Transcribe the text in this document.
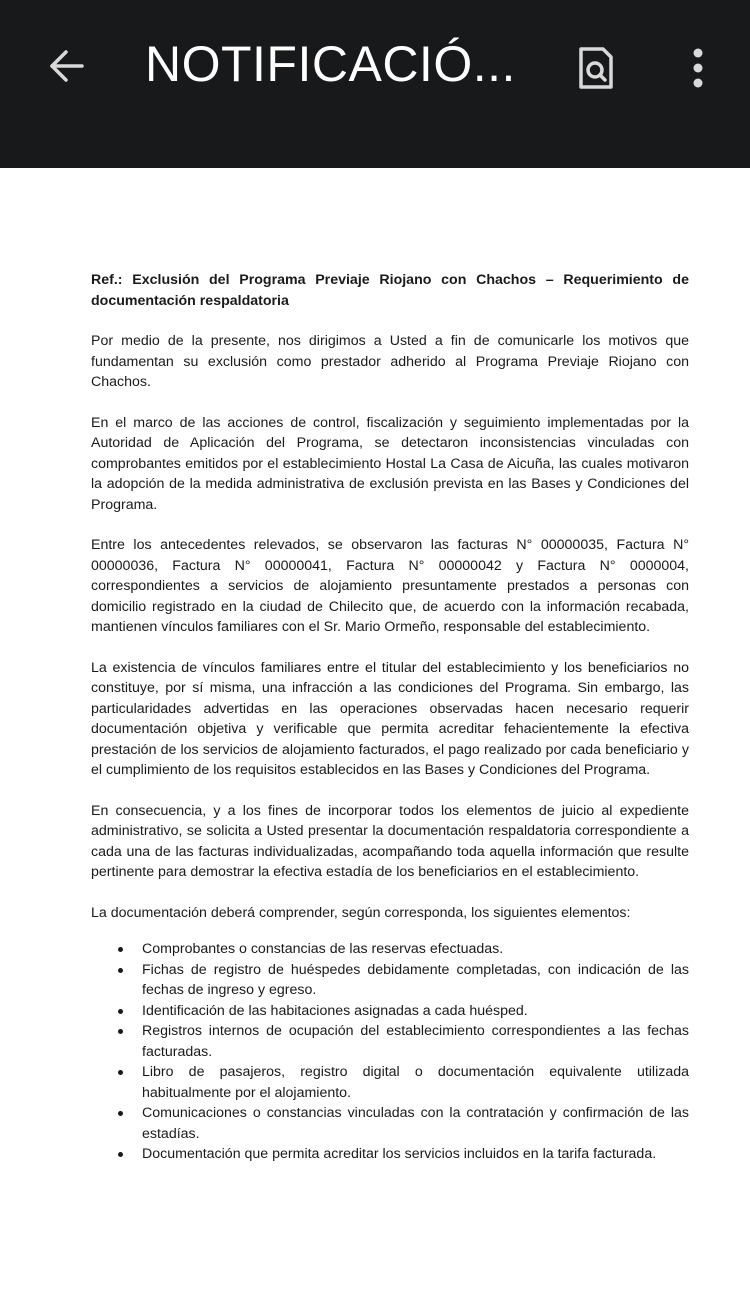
NOTIFICACIÓ...

Ref.: Exclusión del Programa Previaje Riojano con Chachos – Requerimiento de documentación respaldatoria

Por medio de la presente, nos dirigimos a Usted a fin de comunicarle los motivos que fundamentan su exclusión como prestador adherido al Programa Previaje Riojano con Chachos.

En el marco de las acciones de control, fiscalización y seguimiento implementadas por la Autoridad de Aplicación del Programa, se detectaron inconsistencias vinculadas con comprobantes emitidos por el establecimiento Hostal La Casa de Aicuña, las cuales motivaron la adopción de la medida administrativa de exclusión prevista en las Bases y Condiciones del Programa.

Entre los antecedentes relevados, se observaron las facturas N° 00000035, Factura N° 00000036, Factura N° 00000041, Factura N° 00000042 y Factura N° 0000004, correspondientes a servicios de alojamiento presuntamente prestados a personas con domicilio registrado en la ciudad de Chilecito que, de acuerdo con la información recabada, mantienen vínculos familiares con el Sr. Mario Ormeño, responsable del establecimiento.

La existencia de vínculos familiares entre el titular del establecimiento y los beneficiarios no constituye, por sí misma, una infracción a las condiciones del Programa. Sin embargo, las particularidades advertidas en las operaciones observadas hacen necesario requerir documentación objetiva y verificable que permita acreditar fehacientemente la efectiva prestación de los servicios de alojamiento facturados, el pago realizado por cada beneficiario y el cumplimiento de los requisitos establecidos en las Bases y Condiciones del Programa.

En consecuencia, y a los fines de incorporar todos los elementos de juicio al expediente administrativo, se solicita a Usted presentar la documentación respaldatoria correspondiente a cada una de las facturas individualizadas, acompañando toda aquella información que resulte pertinente para demostrar la efectiva estadía de los beneficiarios en el establecimiento.

La documentación deberá comprender, según corresponda, los siguientes elementos:

Comprobantes o constancias de las reservas efectuadas.
Fichas de registro de huéspedes debidamente completadas, con indicación de las fechas de ingreso y egreso.
Identificación de las habitaciones asignadas a cada huésped.
Registros internos de ocupación del establecimiento correspondientes a las fechas facturadas.
Libro de pasajeros, registro digital o documentación equivalente utilizada habitualmente por el alojamiento.
Comunicaciones o constancias vinculadas con la contratación y confirmación de las estadías.
Documentación que permita acreditar los servicios incluidos en la tarifa facturada.
